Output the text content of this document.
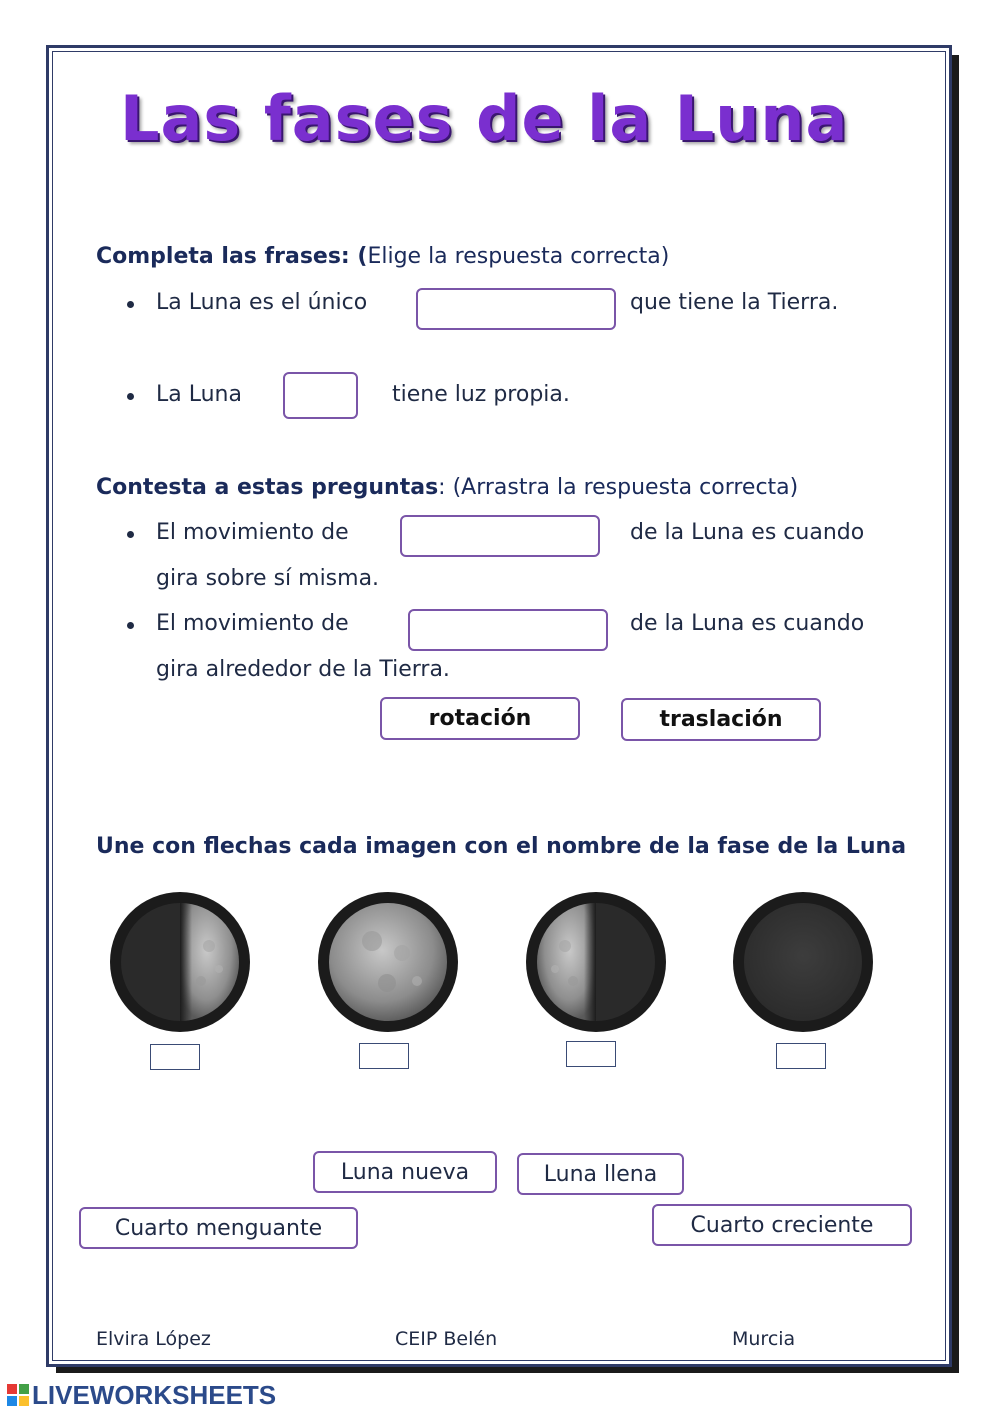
Las fases de la Luna
Completa las frases: (Elige la respuesta correcta)
La Luna es el único	que tiene la Tierra.
La Luna	tiene luz propia.
Contesta a estas preguntas: (Arrastra la respuesta correcta)
El movimiento de	de la Luna es cuando
gira sobre sí misma.
El movimiento de	de la Luna es cuando
gira alrededor de la Tierra.
rotación	traslación
Une con flechas cada imagen con el nombre de la fase de la Luna
Luna nueva	Luna llena
Cuarto menguante	Cuarto creciente
Elvira López	CEIP Belén	Murcia
LIVEWORKSHEETS
